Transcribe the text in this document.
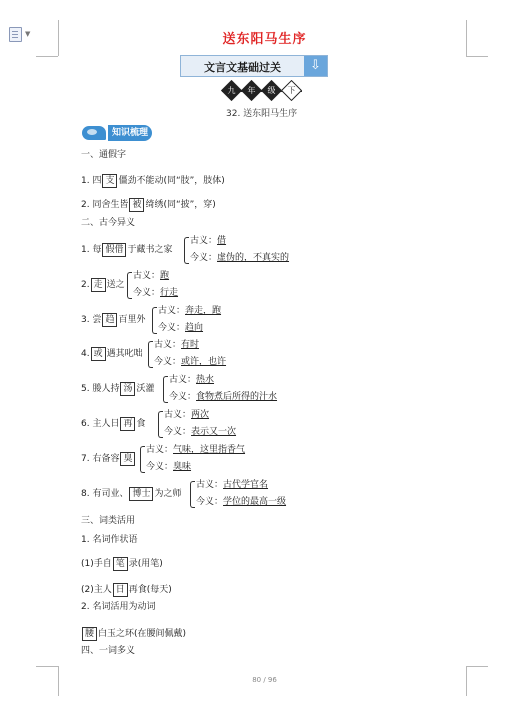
▼	送东阳马生序
文言文基础过关	⇩
九	年	级	下
32. 送东阳马生序
知识梳理
一、通假字
1. 四 支 僵劲不能动(同“肢”，肢体)
2. 同舍生皆 被 绮绣(同“披”，穿)
二、古今异义
1. 每 假借 于藏书之家
古义：借
今义：虚伪的，不真实的
2. 走 送之
古义：跑
今义：行走
3. 尝 趋 百里外
古义：奔走，跑
今义：趋向
4. 或 遇其叱咄
古义：有时
今义：或许，也许
5. 媵人持 汤 沃灌
古义：热水
今义：食物煮后所得的汁水
6. 主人日 再 食
古义：两次
今义：表示又一次
7. 右备容 臭
古义：气味，这里指香气
今义：臭味
8. 有司业、 博士 为之师
古义：古代学官名
今义：学位的最高一级
三、词类活用
1. 名词作状语
(1)手自 笔 录(用笔)
(2)主人 日 再食(每天)
2. 名词活用为动词
腰 白玉之环(在腰间佩戴)
四、一词多义
80 / 96
